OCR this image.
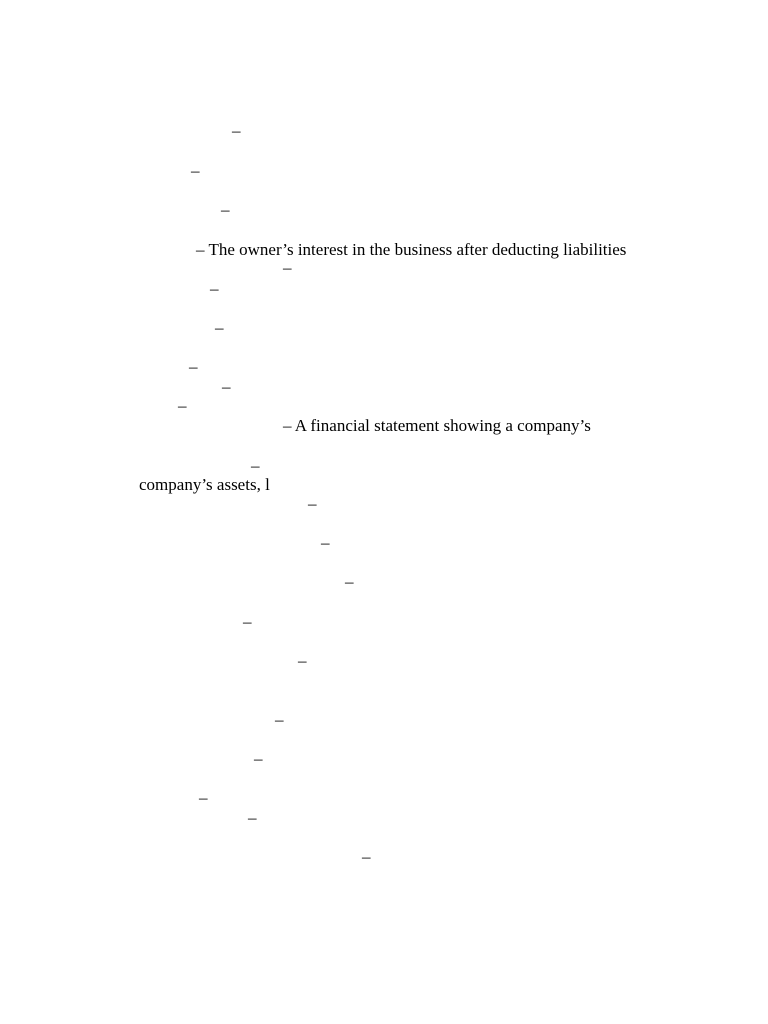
–

–

–

– The owner’s interest in the business after deducting liabilities

–

–

–

–

–

–

– A financial statement showing a company’s

–

company’s assets, l

–

–

–

–

–

–

–

–

–

–
